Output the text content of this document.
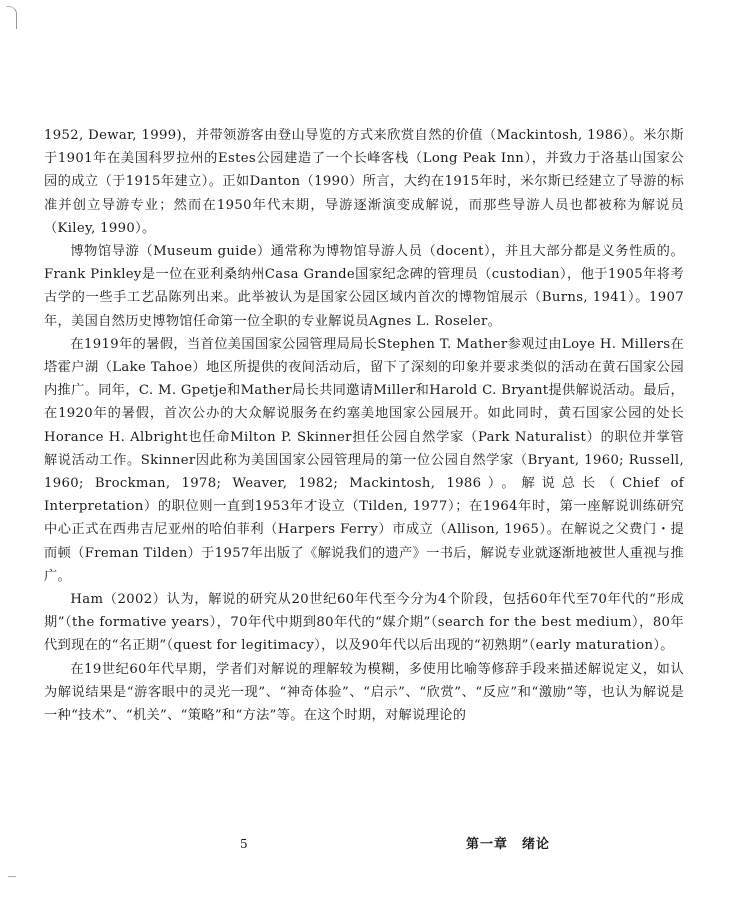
1952, Dewar, 1999)，并带领游客由登山导览的方式来欣赏自然的价值（Mackintosh, 1986）。米尔斯于1901年在美国科罗拉州的Estes公园建造了一个长峰客栈（Long Peak Inn），并致力于洛基山国家公园的成立（于1915年建立）。正如Danton（1990）所言，大约在1915年时，米尔斯已经建立了导游的标准并创立导游专业；然而在1950年代末期，导游逐渐演变成解说，而那些导游人员也都被称为解说员（Kiley, 1990）。

博物馆导游（Museum guide）通常称为博物馆导游人员（docent），并且大部分都是义务性质的。Frank Pinkley是一位在亚利桑纳州Casa Grande国家纪念碑的管理员（custodian），他于1905年将考古学的一些手工艺品陈列出来。此举被认为是国家公园区域内首次的博物馆展示（Burns, 1941）。1907年，美国自然历史博物馆任命第一位全职的专业解说员Agnes L. Roseler。

在1919年的暑假，当首位美国国家公园管理局局长Stephen T. Mather参观过由Loye H. Millers在塔霍户湖（Lake Tahoe）地区所提供的夜间活动后，留下了深刻的印象并要求类似的活动在黄石国家公园内推广。同年，C. M. Gpetje和Mather局长共同邀请Miller和Harold C. Bryant提供解说活动。最后，在1920年的暑假，首次公办的大众解说服务在约塞美地国家公园展开。如此同时，黄石国家公园的处长Horance H. Albright也任命Milton P. Skinner担任公园自然学家（Park Naturalist）的职位并掌管解说活动工作。Skinner因此称为美国国家公园管理局的第一位公园自然学家（Bryant, 1960; Russell, 1960; Brockman, 1978; Weaver, 1982; Mackintosh, 1986）。解说总长（Chief of Interpretation）的职位则一直到1953年才设立（Tilden, 1977）；在1964年时，第一座解说训练研究中心正式在西弗吉尼亚州的哈伯菲利（Harpers Ferry）市成立（Allison, 1965）。在解说之父费门・提而顿（Freman Tilden）于1957年出版了《解说我们的遗产》一书后，解说专业就逐渐地被世人重视与推广。

Ham（2002）认为，解说的研究从20世纪60年代至今分为4个阶段，包括60年代至70年代的“形成期”（the formative years），70年代中期到80年代的“媒介期”（search for the best medium），80年代到现在的“名正期”（quest for legitimacy），以及90年代以后出现的“初熟期”（early maturation）。

在19世纪60年代早期，学者们对解说的理解较为模糊，多使用比喻等修辞手段来描述解说定义，如认为解说结果是“游客眼中的灵光一现”、“神奇体验”、“启示”、“欣赏”、“反应”和“激励”等，也认为解说是一种“技术”、“机关”、“策略”和“方法”等。在这个时期，对解说理论的

5	第一章　绪论
